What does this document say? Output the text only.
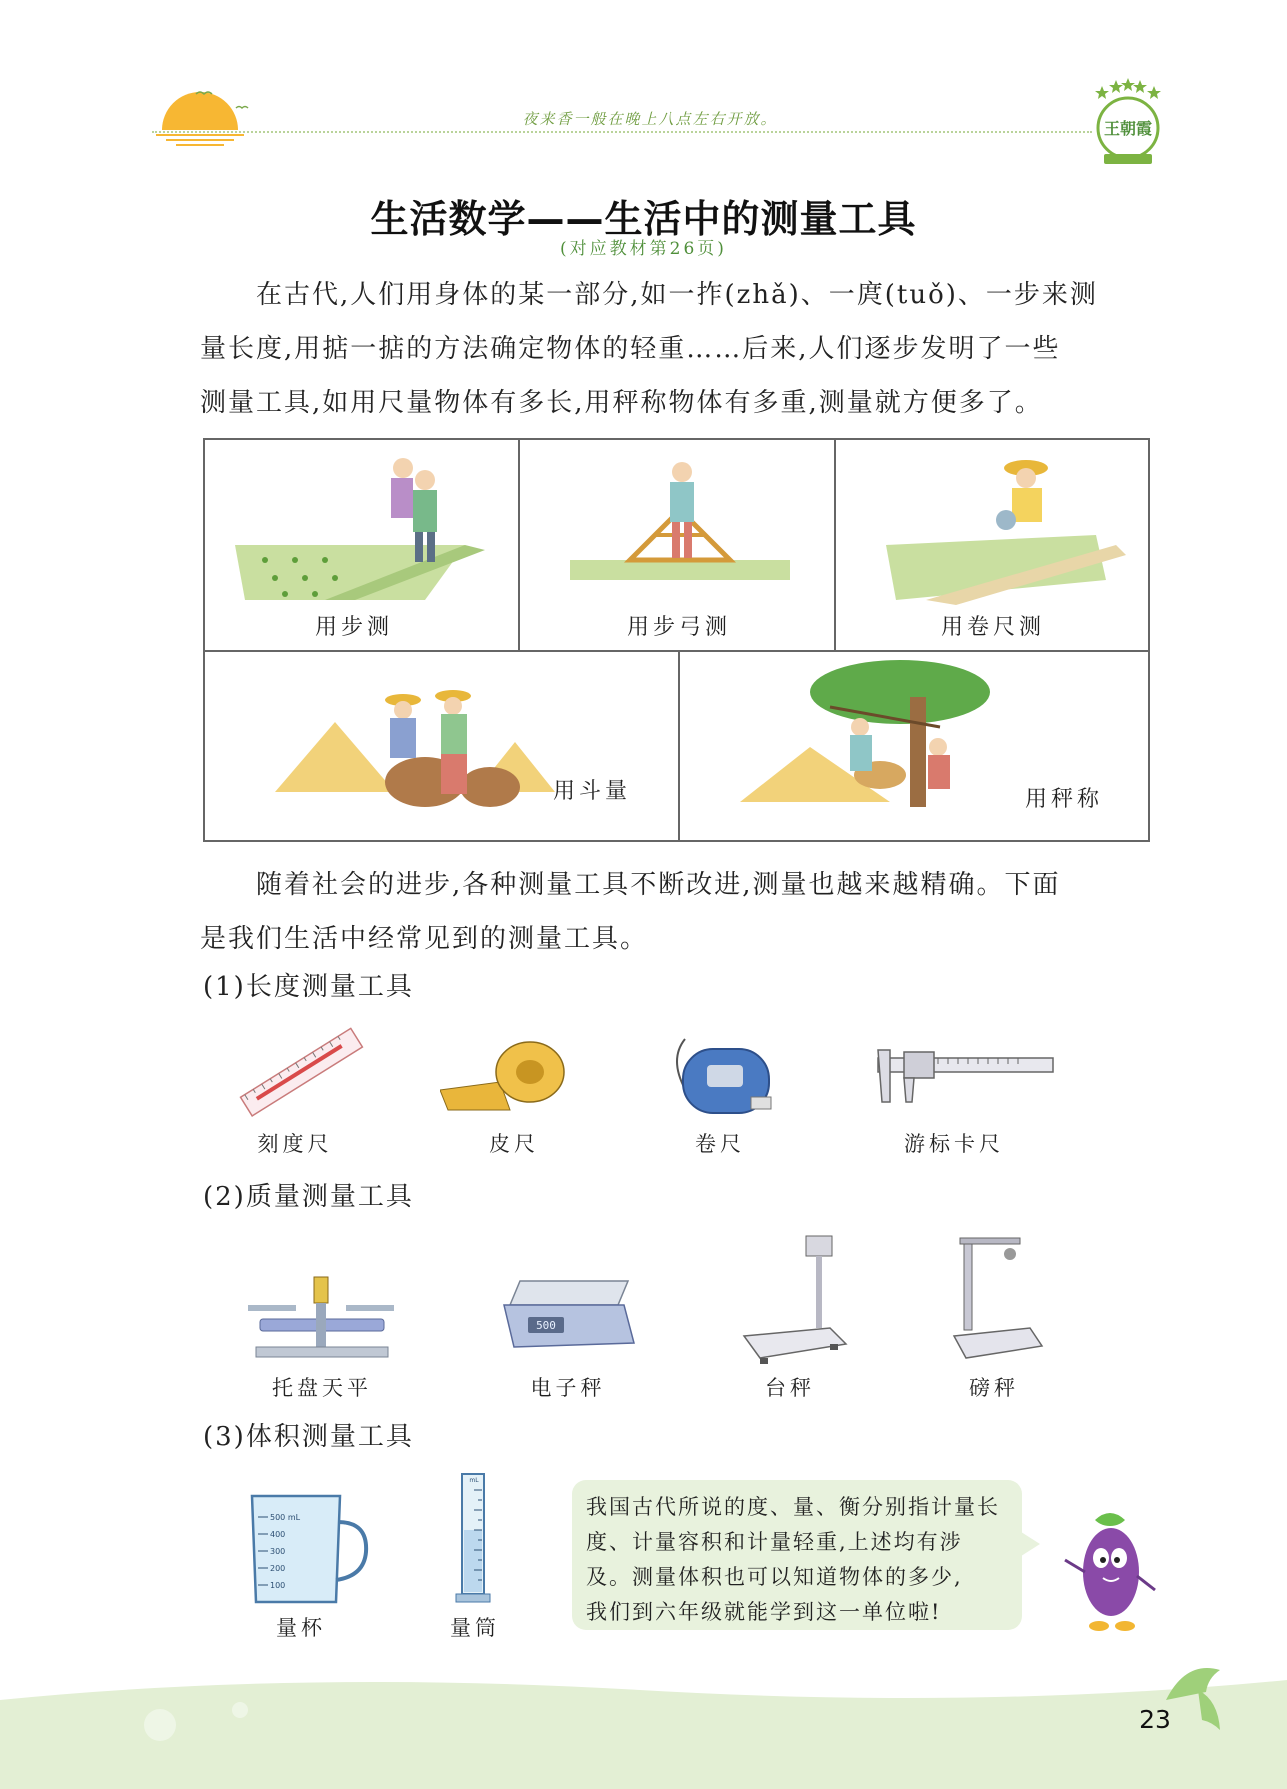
夜来香一般在晚上八点左右开放。	王朝霞
生活数学——生活中的测量工具
(对应教材第26页)
在古代,人们用身体的某一部分,如一拃(zhǎ)、一庹(tuǒ)、一步来测
量长度,用掂一掂的方法确定物体的轻重……后来,人们逐步发明了一些
测量工具,如用尺量物体有多长,用秤称物体有多重,测量就方便多了。
用步测	用步弓测	用卷尺测
用斗量	用秤称
随着社会的进步,各种测量工具不断改进,测量也越来越精确。下面
是我们生活中经常见到的测量工具。
(1)长度测量工具
刻度尺	皮尺	卷尺	游标卡尺
(2)质量测量工具
托盘天平
500
电子秤	台秤	磅秤
(3)体积测量工具
500 mL
400
300
200
100
量杯
mL
量筒
我国古代所说的度、量、衡分别指计量长
度、计量容积和计量轻重,上述均有涉
及。测量体积也可以知道物体的多少,
我们到六年级就能学到这一单位啦!
23
